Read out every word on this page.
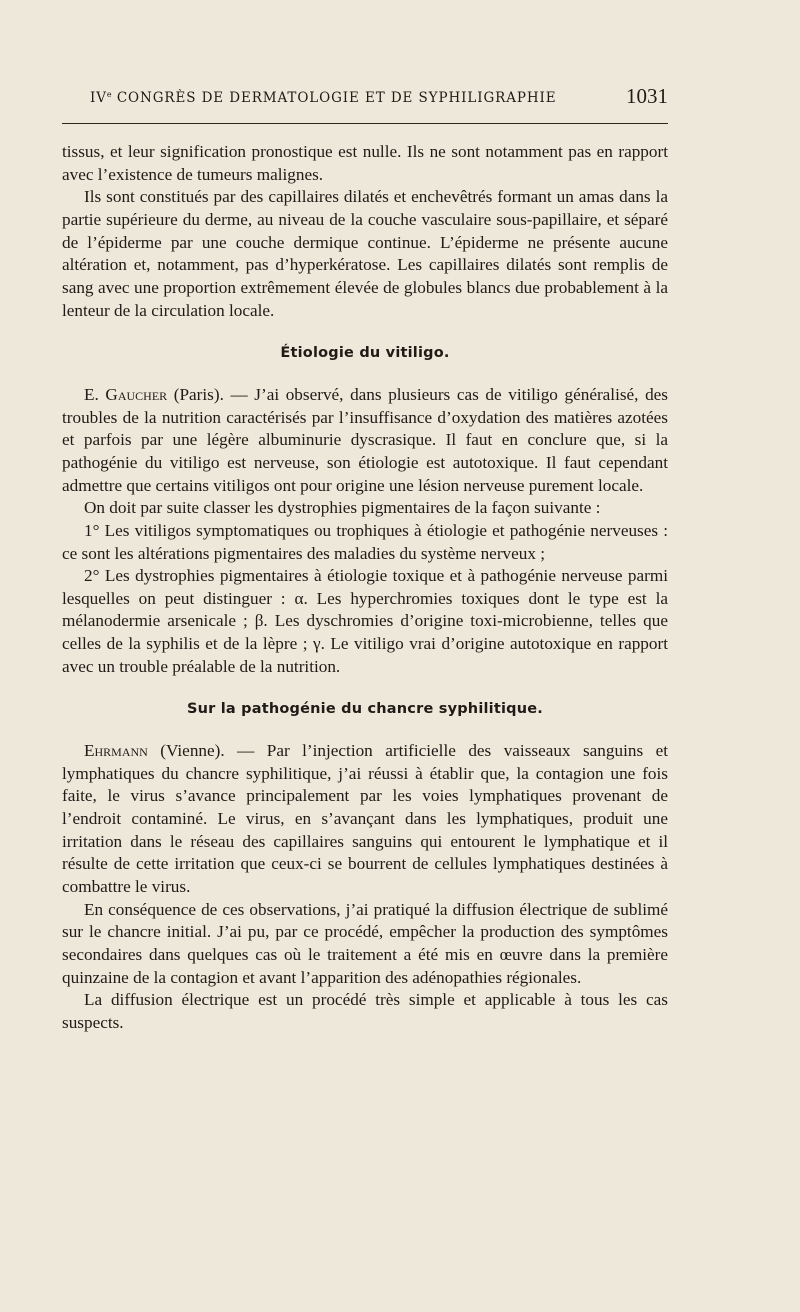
IVe CONGRÈS DE DERMATOLOGIE ET DE SYPHILIGRAPHIE	1031

tissus, et leur signification pronostique est nulle. Ils ne sont notamment pas en rapport avec l’existence de tumeurs malignes.

Ils sont constitués par des capillaires dilatés et enchevêtrés formant un amas dans la partie supérieure du derme, au niveau de la couche vasculaire sous-papillaire, et séparé de l’épiderme par une couche dermique continue. L’épiderme ne présente aucune altération et, notamment, pas d’hyperkératose. Les capillaires dilatés sont remplis de sang avec une proportion extrêmement élevée de globules blancs due probablement à la lenteur de la circulation locale.

Étiologie du vitiligo.

E. Gaucher (Paris). — J’ai observé, dans plusieurs cas de vitiligo généralisé, des troubles de la nutrition caractérisés par l’insuffisance d’oxydation des matières azotées et parfois par une légère albuminurie dyscrasique. Il faut en conclure que, si la pathogénie du vitiligo est nerveuse, son étiologie est autotoxique. Il faut cependant admettre que certains vitiligos ont pour origine une lésion nerveuse purement locale.

On doit par suite classer les dystrophies pigmentaires de la façon suivante :

1° Les vitiligos symptomatiques ou trophiques à étiologie et pathogénie nerveuses : ce sont les altérations pigmentaires des maladies du système nerveux ;

2° Les dystrophies pigmentaires à étiologie toxique et à pathogénie nerveuse parmi lesquelles on peut distinguer : α. Les hyperchromies toxiques dont le type est la mélanodermie arsenicale ; β. Les dyschromies d’origine toxi-microbienne, telles que celles de la syphilis et de la lèpre ; γ. Le vitiligo vrai d’origine autotoxique en rapport avec un trouble préalable de la nutrition.

Sur la pathogénie du chancre syphilitique.

Ehrmann (Vienne). — Par l’injection artificielle des vaisseaux sanguins et lymphatiques du chancre syphilitique, j’ai réussi à établir que, la contagion une fois faite, le virus s’avance principalement par les voies lymphatiques provenant de l’endroit contaminé. Le virus, en s’avançant dans les lymphatiques, produit une irritation dans le réseau des capillaires sanguins qui entourent le lymphatique et il résulte de cette irritation que ceux-ci se bourrent de cellules lymphatiques destinées à combattre le virus.

En conséquence de ces observations, j’ai pratiqué la diffusion électrique de sublimé sur le chancre initial. J’ai pu, par ce procédé, empêcher la production des symptômes secondaires dans quelques cas où le traitement a été mis en œuvre dans la première quinzaine de la contagion et avant l’apparition des adénopathies régionales.

La diffusion électrique est un procédé très simple et applicable à tous les cas suspects.
